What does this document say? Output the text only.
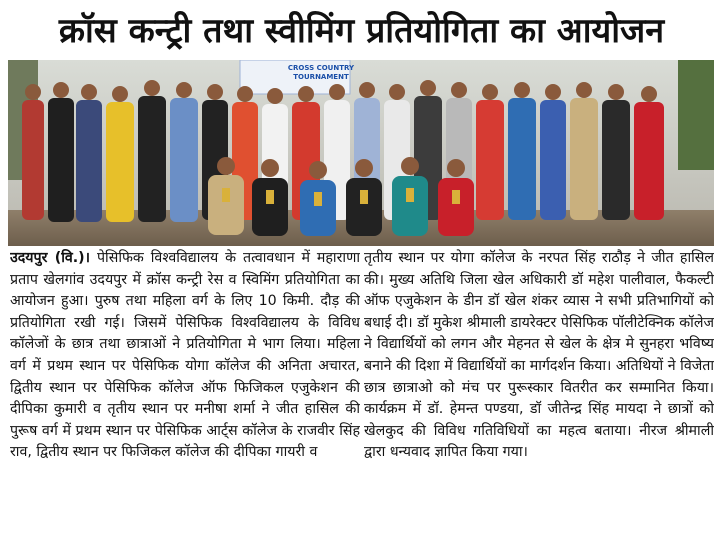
क्रॉस कन्ट्री तथा स्वीमिंग प्रतियोगिता का आयोजन
CROSS COUNTRY
TOURNAMENT

उदयपुर (वि.)। पेसिफिक विश्वविद्यालय के तत्वावधान में महाराणा प्रताप खेलगांव उदयपुर में क्रॉस कन्ट्री रेस व स्विमिंग प्रतियोगिता का आयोजन हुआ। पुरुष तथा महिला वर्ग के लिए 10 किमी. दौड़ की प्रतियोगिता रखी गई। जिसमें पेसिफिक विश्वविद्यालय के विविध कॉलेजों के छात्र तथा छात्राओं ने प्रतियोगिता मे भाग लिया। महिला वर्ग में प्रथम स्थान पर पेसिफिक योगा कॉलेज की अनिता अचारत, द्वितीय स्थान पर पेसिफिक कॉलेज ऑफ फिजिकल एजुकेशन की दीपिका कुमारी व तृतीय स्थान पर मनीषा शर्मा ने जीत हासिल की पुरूष वर्ग में प्रथम स्थान पर पेसिफिक आर्ट्स कॉलेज के राजवीर सिंह राव, द्वितीय स्थान पर फिजिकल कॉलेज की दीपिका गायरी व

तृतीय स्थान पर योगा कॉलेज के नरपत सिंह राठौड़ ने जीत हासिल की। मुख्य अतिथि जिला खेल अधिकारी डॉ महेश पालीवाल, फैकल्टी ऑफ एजुकेशन के डीन डॉ खेल शंकर व्यास ने सभी प्रतिभागियों को बधाई दी। डॉ मुकेश श्रीमाली डायरेक्टर पेसिफिक पॉलीटेक्निक कॉलेज ने विद्यार्थियों को लगन और मेहनत से खेल के क्षेत्र मे सुनहरा भविष्य बनाने की दिशा में विद्यार्थियों का मार्गदर्शन किया। अतिथियों ने विजेता छात्र छात्राओ को मंच पर पुरूस्कार वितरीत कर सम्मानित किया। कार्यक्रम में डॉ. हेमन्त पण्डया, डॉ जीतेन्द्र सिंह मायदा ने छात्रों को खेलकुद की विविध गतिविधियों का महत्व बताया। नीरज श्रीमाली द्वारा धन्यवाद ज्ञापित किया गया।
